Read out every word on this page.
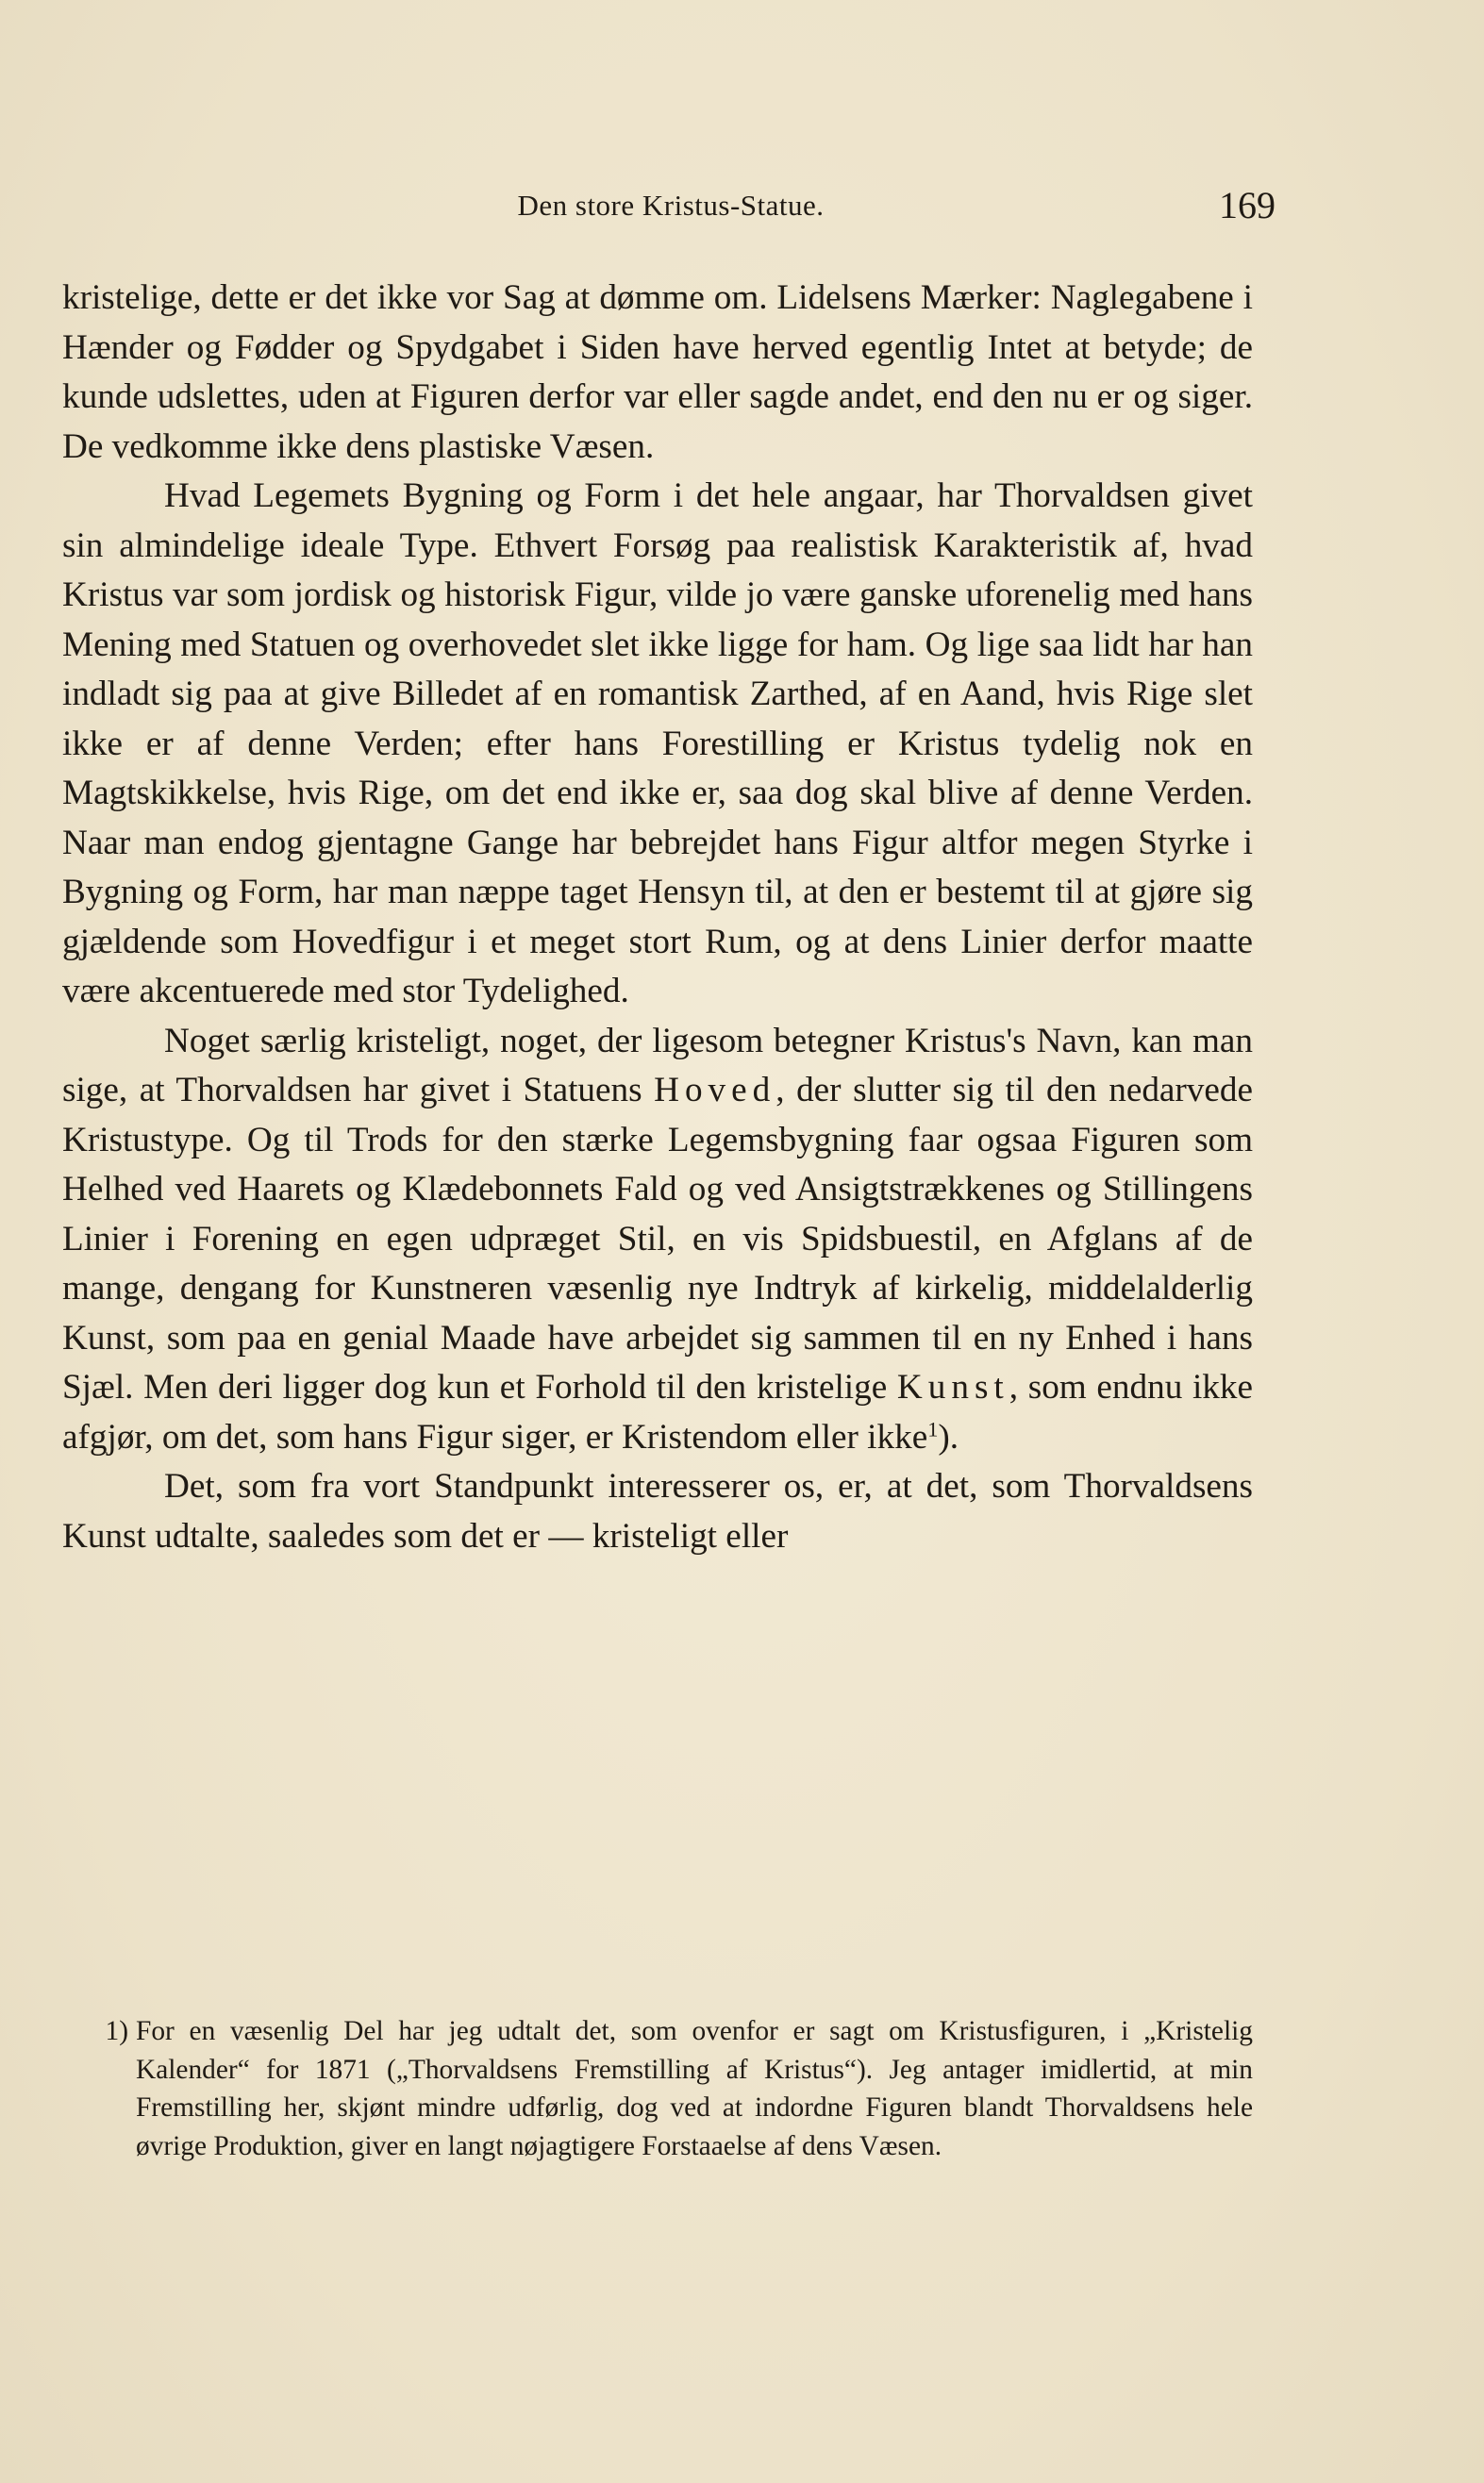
Den store Kristus-Statue.	169

kristelige, dette er det ikke vor Sag at dømme om. Lidelsens Mærker: Naglegabene i Hænder og Fødder og Spydgabet i Siden have herved egentlig Intet at betyde; de kunde udslettes, uden at Figuren derfor var eller sagde andet, end den nu er og siger. De vedkomme ikke dens plastiske Væsen.

Hvad Legemets Bygning og Form i det hele angaar, har Thorvaldsen givet sin almindelige ideale Type. Ethvert Forsøg paa realistisk Karakteristik af, hvad Kristus var som jordisk og historisk Figur, vilde jo være ganske uforenelig med hans Mening med Statuen og overhovedet slet ikke ligge for ham. Og lige saa lidt har han indladt sig paa at give Billedet af en romantisk Zarthed, af en Aand, hvis Rige slet ikke er af denne Verden; efter hans Forestilling er Kristus tydelig nok en Magtskikkelse, hvis Rige, om det end ikke er, saa dog skal blive af denne Verden. Naar man endog gjentagne Gange har bebrejdet hans Figur altfor megen Styrke i Bygning og Form, har man næppe taget Hensyn til, at den er bestemt til at gjøre sig gjældende som Hovedfigur i et meget stort Rum, og at dens Linier derfor maatte være akcentuerede med stor Tydelighed.

Noget særlig kristeligt, noget, der ligesom betegner Kristus's Navn, kan man sige, at Thorvaldsen har givet i Statuens Hoved, der slutter sig til den nedarvede Kristustype. Og til Trods for den stærke Legemsbygning faar ogsaa Figuren som Helhed ved Haarets og Klædebonnets Fald og ved Ansigtstrækkenes og Stillingens Linier i Forening en egen udpræget Stil, en vis Spidsbuestil, en Afglans af de mange, dengang for Kunstneren væsenlig nye Indtryk af kirkelig, middelalderlig Kunst, som paa en genial Maade have arbejdet sig sammen til en ny Enhed i hans Sjæl. Men deri ligger dog kun et Forhold til den kristelige Kunst, som endnu ikke afgjør, om det, som hans Figur siger, er Kristendom eller ikke$^1$).

Det, som fra vort Standpunkt interesserer os, er, at det, som Thorvaldsens Kunst udtalte, saaledes som det er — kristeligt eller

1) For en væsenlig Del har jeg udtalt det, som ovenfor er sagt om Kristusfiguren, i „Kristelig Kalender“ for 1871 („Thorvaldsens Fremstilling af Kristus“). Jeg antager imidlertid, at min Fremstilling her, skjønt mindre udførlig, dog ved at indordne Figuren blandt Thorvaldsens hele øvrige Produktion, giver en langt nøjagtigere Forstaaelse af dens Væsen.
